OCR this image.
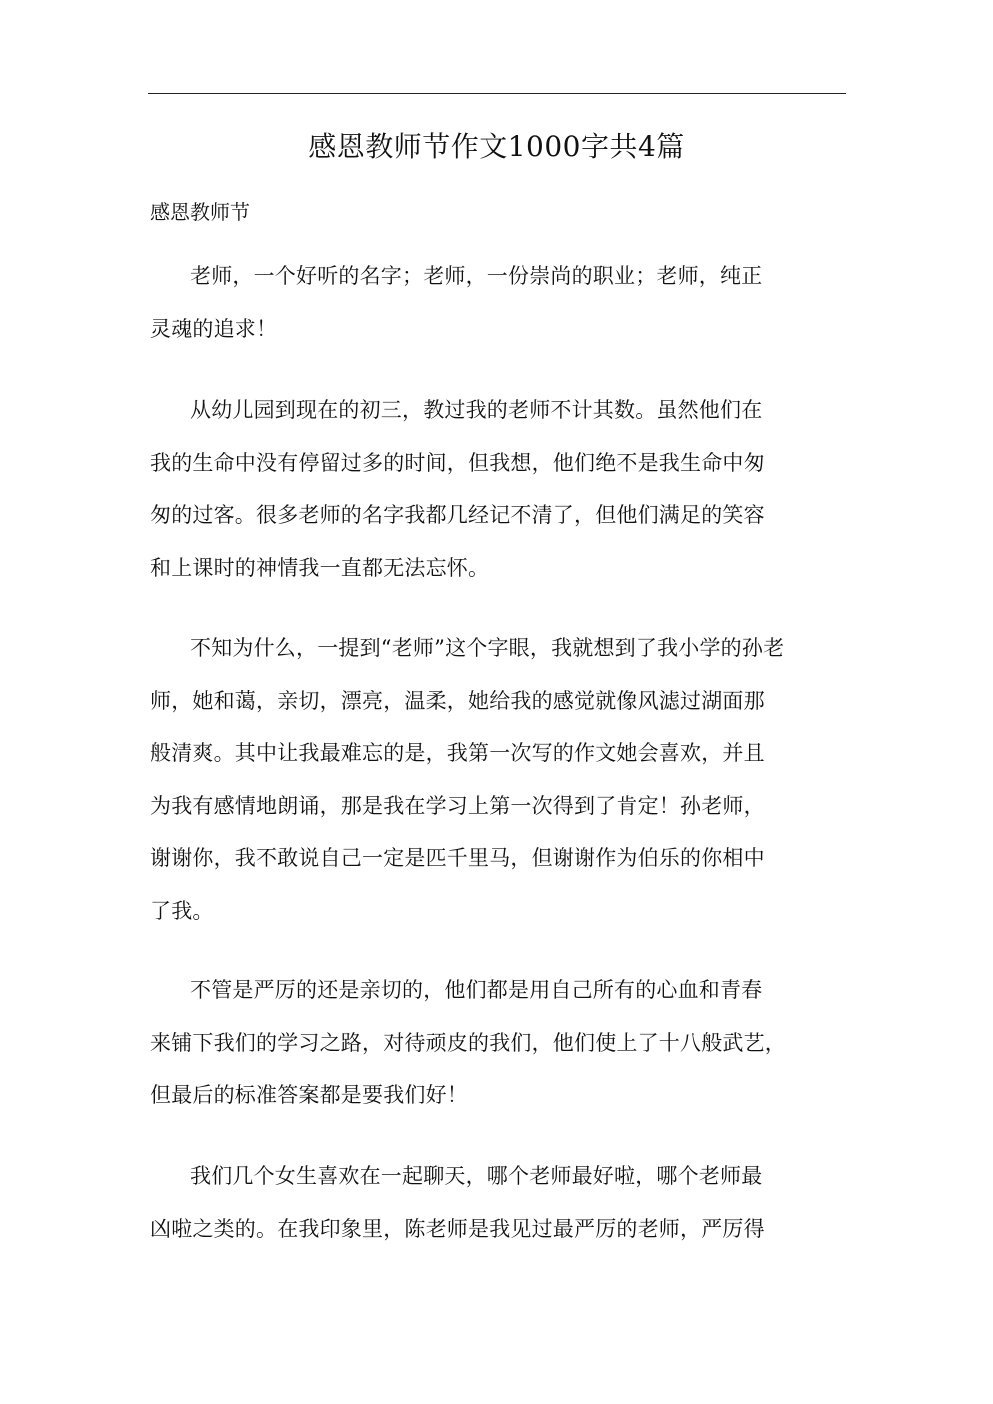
感恩教师节作文1000字共4篇
感恩教师节
老师，一个好听的名字；老师，一份崇尚的职业；老师，纯正
灵魂的追求！
从幼儿园到现在的初三，教过我的老师不计其数。虽然他们在
我的生命中没有停留过多的时间，但我想，他们绝不是我生命中匆
匆的过客。很多老师的名字我都几经记不清了，但他们满足的笑容
和上课时的神情我一直都无法忘怀。
不知为什么，一提到“老师”这个字眼，我就想到了我小学的孙老
师，她和蔼，亲切，漂亮，温柔，她给我的感觉就像风滤过湖面那
般清爽。其中让我最难忘的是，我第一次写的作文她会喜欢，并且
为我有感情地朗诵，那是我在学习上第一次得到了肯定！孙老师，
谢谢你，我不敢说自己一定是匹千里马，但谢谢作为伯乐的你相中
了我。
不管是严厉的还是亲切的，他们都是用自己所有的心血和青春
来铺下我们的学习之路，对待顽皮的我们，他们使上了十八般武艺，
但最后的标准答案都是要我们好！
我们几个女生喜欢在一起聊天，哪个老师最好啦，哪个老师最
凶啦之类的。在我印象里，陈老师是我见过最严厉的老师，严厉得
